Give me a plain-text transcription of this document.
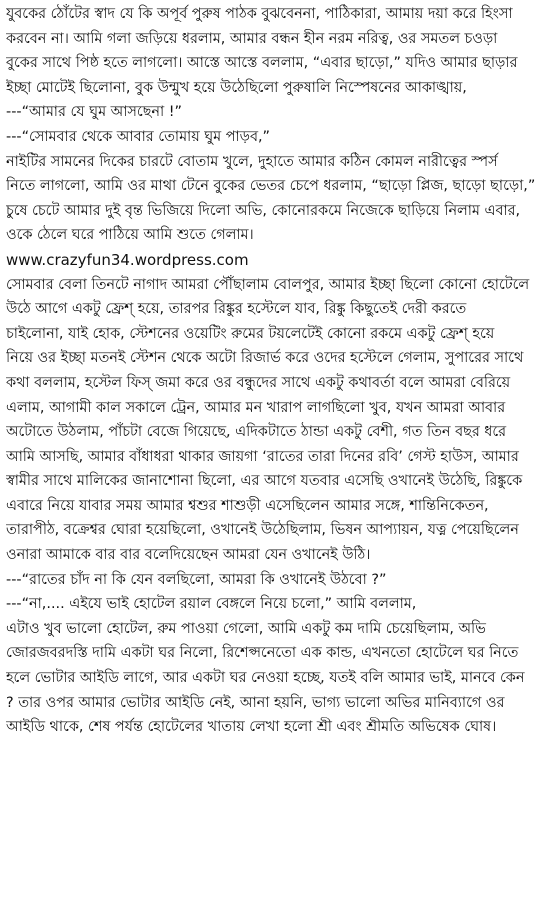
যুবকের ঠোঁটের স্বাদ যে কি অপূর্ব পুরুষ পাঠক বুঝবেননা, পাঠিকারা, আমায় দয়া করে হিংসা
করবেন না। আমি গলা জড়িয়ে ধরলাম, আমার বন্ধন হীন নরম নরিত্ব, ওর সমতল চওড়া
বুকের সাথে পিষ্ঠ হতে লাগলো। আস্তে আস্তে বললাম, “এবার ছাড়ো,” যদিও আমার ছাড়ার
ইচ্ছা মোটেই ছিলোনা, বুক উন্মুখ হয়ে উঠেছিলো পুরুষালি নিস্পেষনের আকাঙ্খায়,
---“আমার যে ঘুম আসছেনা !”
---“সোমবার থেকে আবার তোমায় ঘুম পাড়ব,”
নাইটির সামনের দিকের চারটে বোতাম খুলে, দুহাতে আমার কঠিন কোমল নারীত্বের স্পর্স
নিতে লাগলো, আমি ওর মাথা টেনে বুকের ভেতর চেপে ধরলাম, “ছাড়ো প্লিজ, ছাড়ো ছাড়ো,”
চুষে চেটে আমার দুই বৃন্ত ভিজিয়ে দিলো অভি, কোনোরকমে নিজেকে ছাড়িয়ে নিলাম এবার,
ওকে ঠেলে ঘরে পাঠিয়ে আমি শুতে গেলাম।
www.crazyfun34.wordpress.com
সোমবার বেলা তিনটে নাগাদ আমরা পৌঁছালাম বোলপুর, আমার ইচ্ছা ছিলো কোনো হোটেলে
উঠে আগে একটু ফ্রেশ্ হয়ে, তারপর রিঙ্কুর হস্টেলে যাব, রিঙ্কু কিছুতেই দেরী করতে
চাইলোনা, যাই হোক, স্টেশনের ওয়েটিং রুমের টয়লেটেই কোনো রকমে একটু ফ্রেশ্ হয়ে
নিয়ে ওর ইচ্ছা মতনই স্টেশন থেকে অটো রিজার্ভ করে ওদের হস্টেলে গেলাম, সুপারের সাথে
কথা বললাম, হস্টেল ফিস্ জমা করে ওর বন্ধুদের সাথে একটু কথাবর্তা বলে আমরা বেরিয়ে
এলাম, আগামী কাল সকালে ট্রেন, আমার মন খারাপ লাগছিলো খুব, যখন আমরা আবার
অটোতে উঠলাম, পাঁচটা বেজে গিয়েছে, এদিকটাতে ঠান্ডা একটু বেশী, গত তিন বছর ধরে
আমি আসছি, আমার বাঁধাধরা থাকার জায়গা ‘রাতের তারা দিনের রবি’ গেস্ট হাউস, আমার
স্বামীর সাথে মালিকের জানাশোনা ছিলো, এর আগে যতবার এসেছি ওখানেই উঠেছি, রিঙ্কুকে
এবারে নিয়ে যাবার সময় আমার শ্বশুর শাশুড়ী এসেছিলেন আমার সঙ্গে, শান্তিনিকেতন,
তারাপীঠ, বক্রেশ্বর ঘোরা হয়েছিলো, ওখানেই উঠেছিলাম, ভিষন আপ্যায়ন, যত্ন পেয়েছিলেন
ওনারা আমাকে বার বার বলেদিয়েছেন আমরা যেন ওখানেই উঠি।
---“রাতের চাঁদ না কি যেন বলছিলো, আমরা কি ওখানেই উঠবো ?”
---“না,.... এইযে ভাই হোটেল রয়াল বেঙ্গলে নিয়ে চলো,” আমি বললাম,
এটাও খুব ভালো হোটেল, রুম পাওয়া গেলো, আমি একটু কম দামি চেয়েছিলাম, অভি
জোরজবরদস্তি দামি একটা ঘর নিলো, রিশেপ্সনেতো এক কান্ড, এখনতো হোটেলে ঘর নিতে
হলে ভোটার আইডি লাগে, আর একটা ঘর নেওয়া হচ্ছে, যতই বলি আমার ভাই, মানবে কেন
? তার ওপর আমার ভোটার আইডি নেই, আনা হয়নি, ভাগ্য ভালো অভির মানিব্যাগে ওর
আইডি থাকে, শেষ পর্যন্ত হোটেলের খাতায় লেখা হলো শ্রী এবং শ্রীমতি অভিষেক ঘোষ।
